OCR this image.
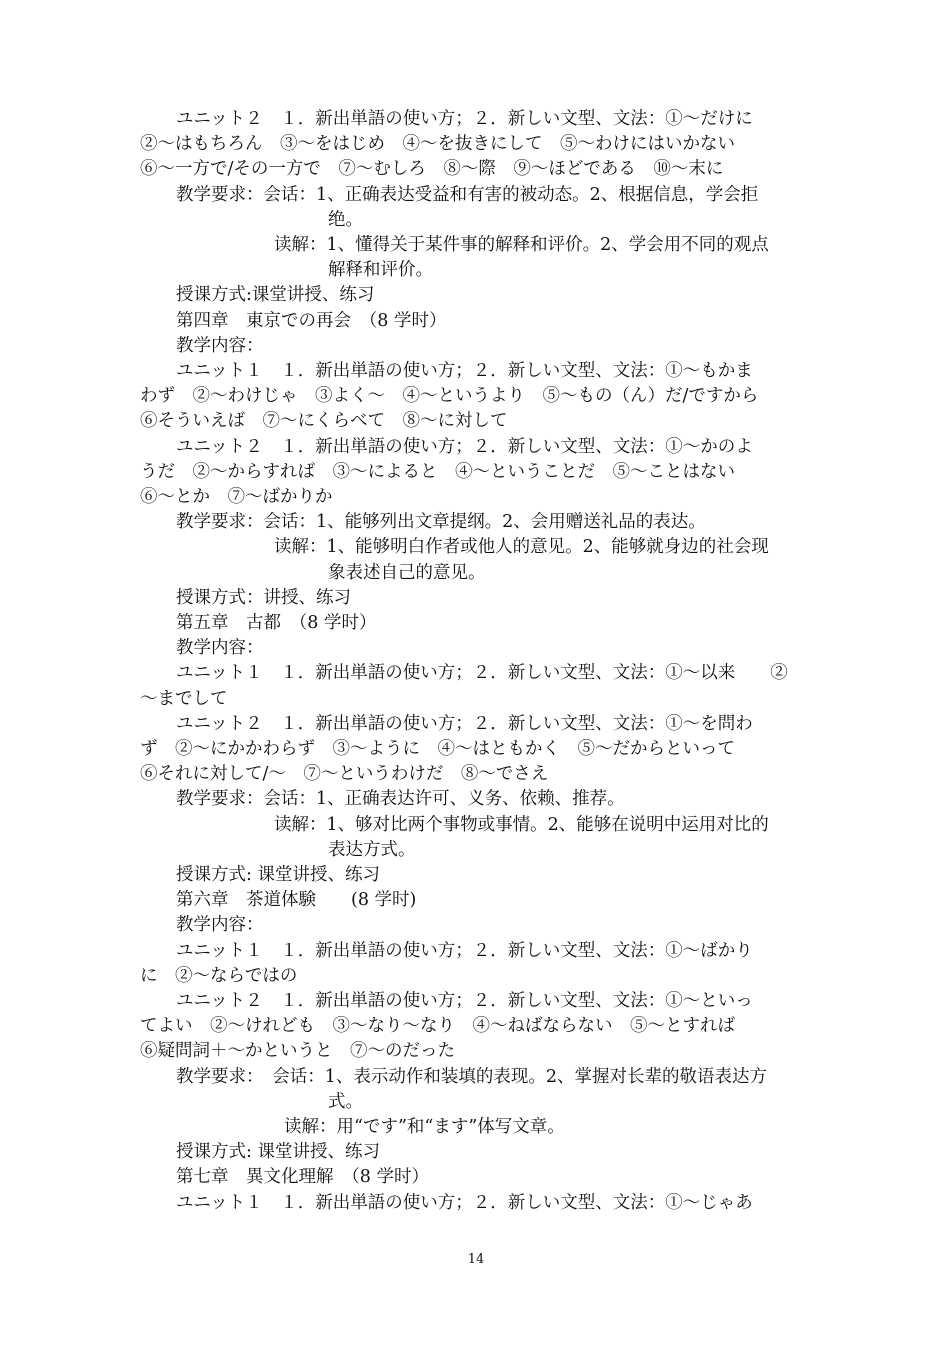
ユニット２　１．新出単語の使い方；２．新しい文型、文法：①～だけに
②～はもちろん　③～をはじめ　④～を抜きにして　⑤～わけにはいかない
⑥～一方で/その一方で　⑦～むしろ　⑧～際　⑨～ほどである　⑩～末に
教学要求：会话：1、正确表达受益和有害的被动态。2、根据信息，学会拒
绝。
读解：1、懂得关于某件事的解释和评价。2、学会用不同的观点
解释和评价。
授课方式:课堂讲授、练习
第四章　東京での再会　（8 学时）
教学内容：
ユニット１　１．新出単語の使い方；２．新しい文型、文法：①～もかま
わず　②～わけじゃ　③よく～　④～というより　⑤～もの（ん）だ/ですから
⑥そういえば　⑦～にくらべて　⑧～に対して
ユニット２　１．新出単語の使い方；２．新しい文型、文法：①～かのよ
うだ　②～からすれば　③～によると　④～ということだ　⑤～ことはない
⑥～とか　⑦～ばかりか
教学要求：会话：1、能够列出文章提纲。2、会用赠送礼品的表达。
读解：1、能够明白作者或他人的意见。2、能够就身边的社会现
象表述自己的意见。
授课方式：讲授、练习
第五章　古都　（8 学时）
教学内容：
ユニット１　１．新出単語の使い方；２．新しい文型、文法：①～以来　　②
～までして
ユニット２　１．新出単語の使い方；２．新しい文型、文法：①～を問わ
ず　②～にかかわらず　③～ように　④～はともかく　⑤～だからといって
⑥それに対して/～　⑦～というわけだ　⑧～でさえ
教学要求：会话：1、正确表达许可、义务、依赖、推荐。
读解：1、够对比两个事物或事情。2、能够在说明中运用对比的
表达方式。
授课方式: 课堂讲授、练习
第六章　茶道体験　　(8 学时)
教学内容：
ユニット１　１．新出単語の使い方；２．新しい文型、文法：①～ばかり
に　②～ならではの
ユニット２　１．新出単語の使い方；２．新しい文型、文法：①～といっ
てよい　②～けれども　③～なり～なり　④～ねばならない　⑤～とすれば
⑥疑問詞＋～かというと　⑦～のだった
教学要求：　会话：1、表示动作和装填的表现。2、掌握对长辈的敬语表达方
式。
读解：用“です”和“ます”体写文章。
授课方式: 课堂讲授、练习
第七章　異文化理解　（8 学时）
ユニット１　１．新出単語の使い方；２．新しい文型、文法：①～じゃあ
14
